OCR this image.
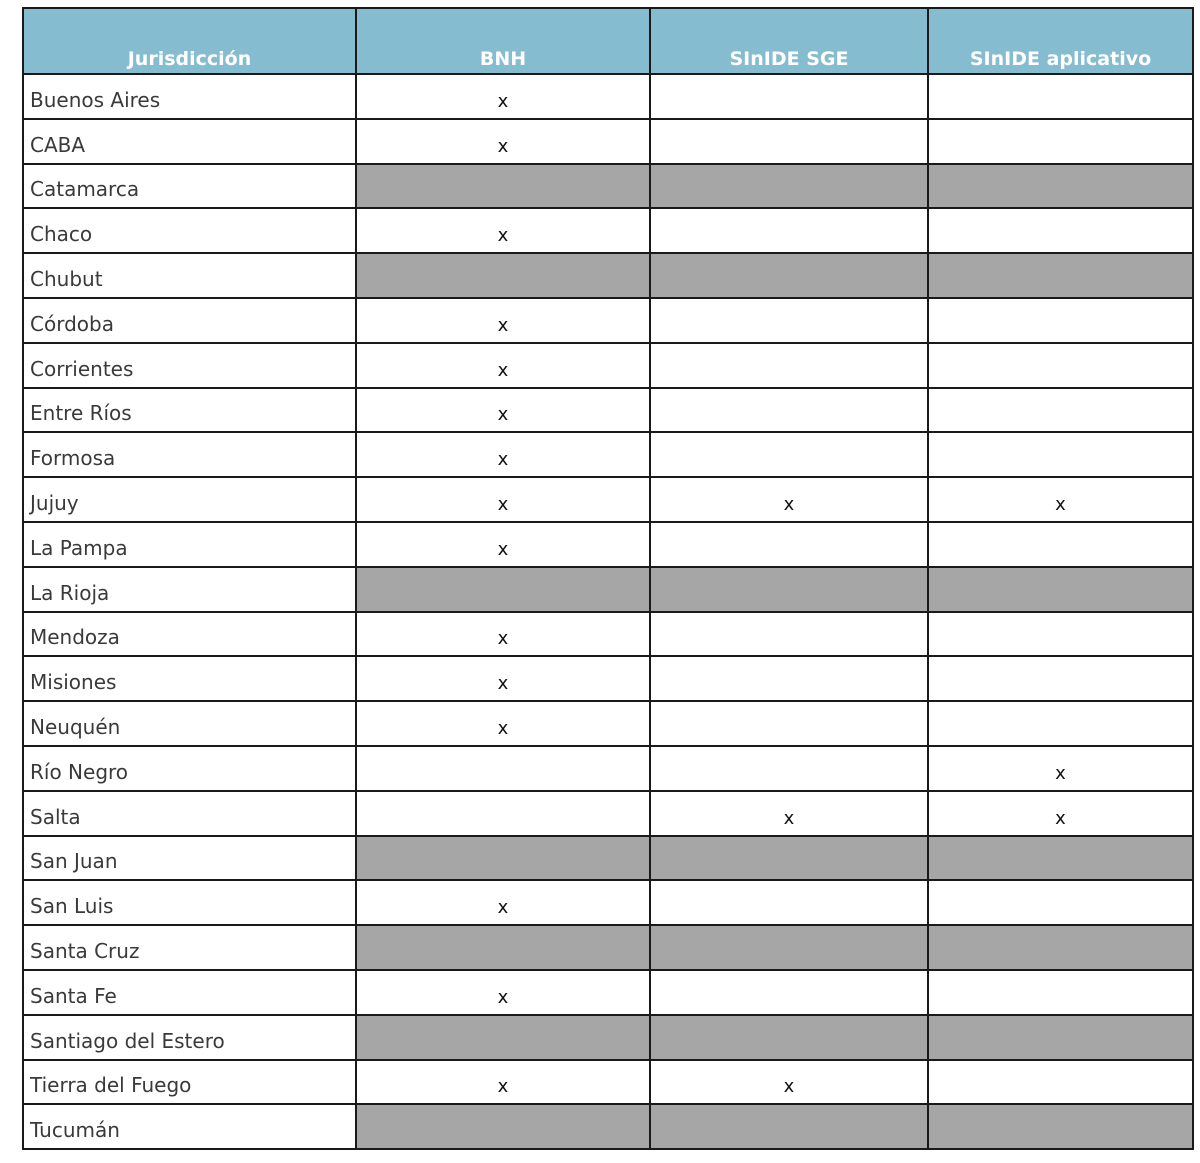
Jurisdicción	BNH	SInIDE SGE	SInIDE aplicativo
Buenos Aires	x		
CABA	x		
Catamarca			
Chaco	x		
Chubut			
Córdoba	x		
Corrientes	x		
Entre Ríos	x		
Formosa	x		
Jujuy	x	x	x
La Pampa	x		
La Rioja			
Mendoza	x		
Misiones	x		
Neuquén	x		
Río Negro			x
Salta		x	x
San Juan			
San Luis	x		
Santa Cruz			
Santa Fe	x		
Santiago del Estero			
Tierra del Fuego	x	x	
Tucumán			
